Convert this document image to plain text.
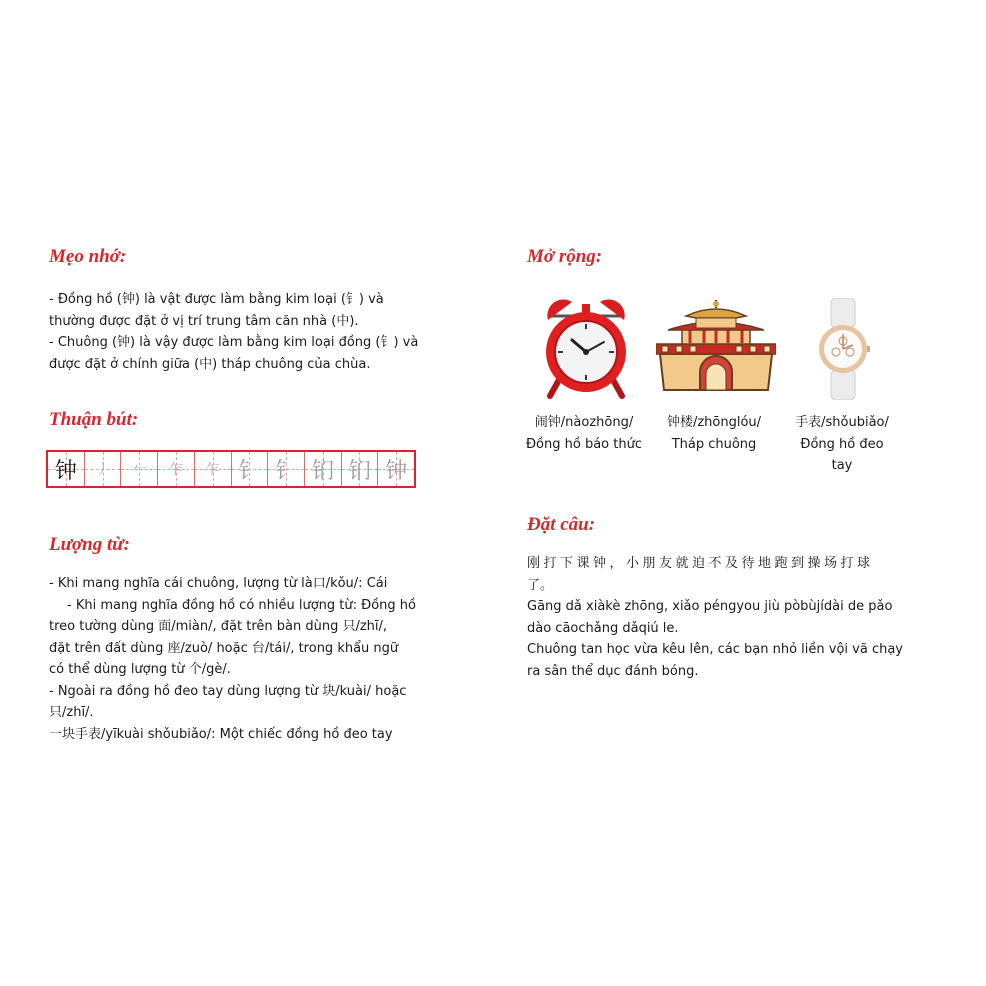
Mẹo nhớ:

- Đồng hồ (钟) là vật được làm bằng kim loại (钅) và

thường được đặt ở vị trí trung tâm căn nhà (中).

- Chuông (钟) là vậy được làm bằng kim loại đồng (钅) và

được đặt ở chính giữa (中) tháp chuông của chùa.

Thuận bút:
钟 丿 𠂉 乍 乍 钅 钅 钔 钔 钟
Lượng từ:

- Khi mang nghĩa cái chuông, lượng từ là口/kǒu/: Cái

- Khi mang nghĩa đồng hồ có nhiều lượng từ: Đồng hồ

treo tường dùng 面/miàn/, đặt trên bàn dùng 只/zhī/,

đặt trên đất dùng 座/zuò/ hoặc 台/tái/, trong khẩu ngữ

có thể dùng lượng từ 个/gè/.

- Ngoài ra đồng hồ đeo tay dùng lượng từ 块/kuài/ hoặc

只/zhī/.

一块手表/yīkuài shǒubiǎo/: Một chiếc đồng hồ đeo tay

Mở rộng:

闹钟/nàozhōng/

Đồng hồ báo thức

钟楼/zhōnglóu/

Tháp chuông

手表/shǒubiǎo/

Đồng hồ đeo

tay

Đặt câu:

刚打下课钟，小朋友就迫不及待地跑到操场打球

了。

Gāng dǎ xiàkè zhōng, xiǎo péngyou jiù pòbùjídài de pǎo

dào cāochǎng dǎqiú le.

Chuông tan học vừa kêu lên, các bạn nhỏ liền vội vã chạy

ra sân thể dục đánh bóng.
